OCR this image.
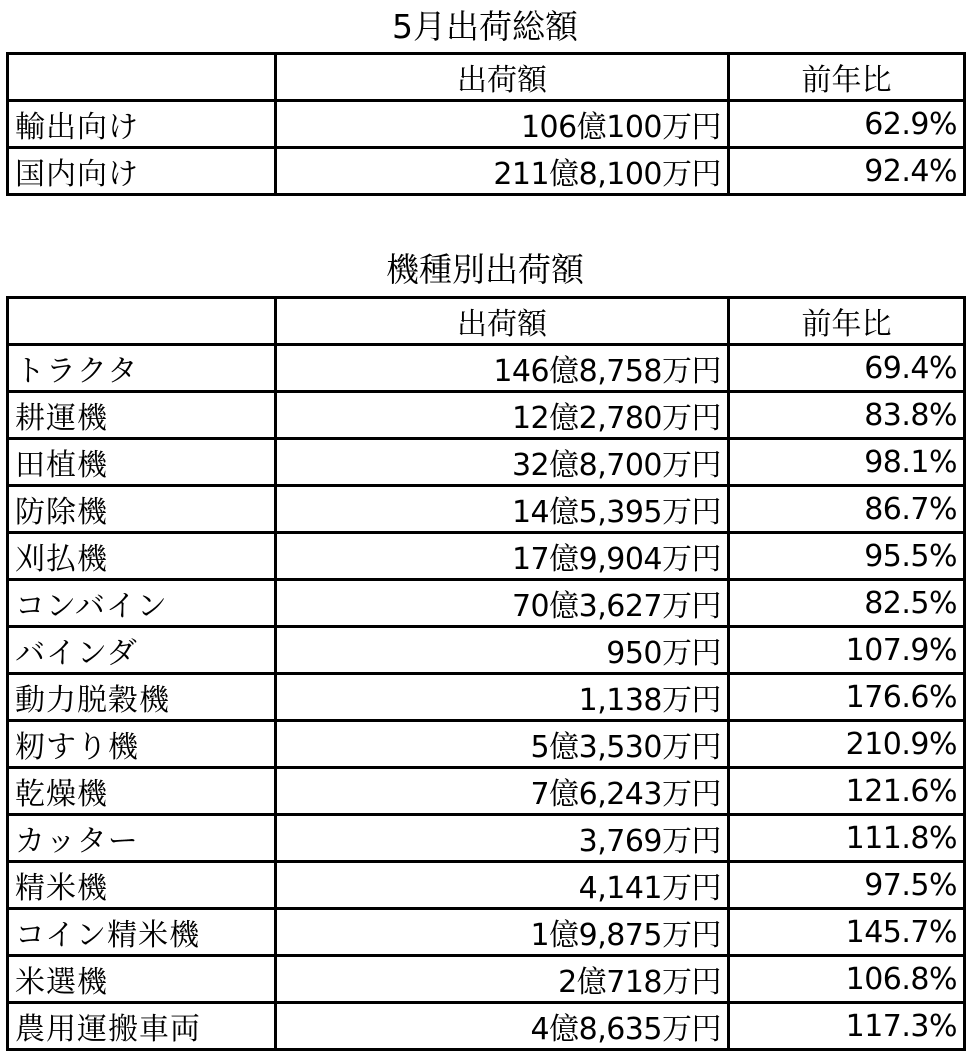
5月出荷総額
	出荷額	前年比
輸出向け	106億100万円	62.9%
国内向け	211億8,100万円	92.4%
機種別出荷額
	出荷額	前年比
トラクタ	146億8,758万円	69.4%
耕運機	12億2,780万円	83.8%
田植機	32億8,700万円	98.1%
防除機	14億5,395万円	86.7%
刈払機	17億9,904万円	95.5%
コンバイン	70億3,627万円	82.5%
バインダ	950万円	107.9%
動力脱穀機	1,138万円	176.6%
籾すり機	5億3,530万円	210.9%
乾燥機	7億6,243万円	121.6%
カッター	3,769万円	111.8%
精米機	4,141万円	97.5%
コイン精米機	1億9,875万円	145.7%
米選機	2億718万円	106.8%
農用運搬車両	4億8,635万円	117.3%
